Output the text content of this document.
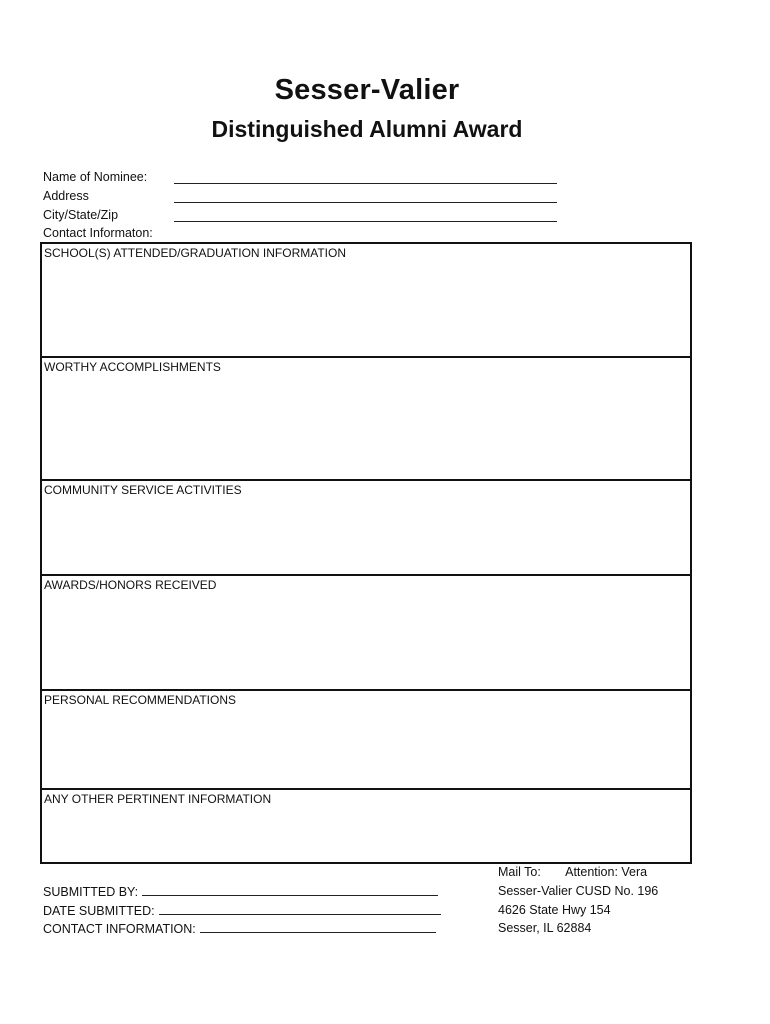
Sesser-Valier
Distinguished Alumni Award
Name of Nominee:
Address
City/State/Zip
Contact Informaton:
SCHOOL(S) ATTENDED/GRADUATION INFORMATION
WORTHY ACCOMPLISHMENTS
COMMUNITY SERVICE ACTIVITIES
AWARDS/HONORS RECEIVED
PERSONAL RECOMMENDATIONS
ANY OTHER PERTINENT INFORMATION
SUBMITTED BY:
DATE SUBMITTED:
CONTACT INFORMATION:
Mail To: Attention: Vera
Sesser-Valier CUSD No. 196
4626 State Hwy 154
Sesser, IL 62884
